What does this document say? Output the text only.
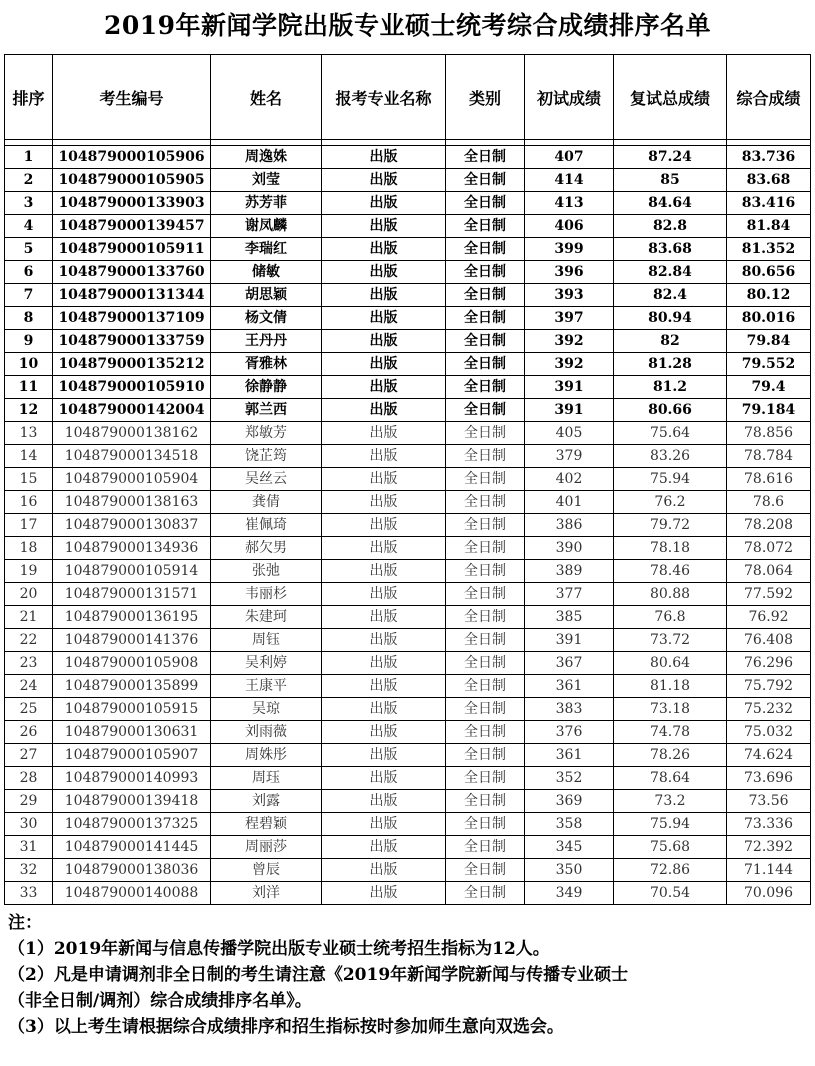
2019年新闻学院出版专业硕士统考综合成绩排序名单
排序	考生编号	姓名	报考专业名称	类别	初试成绩	复试总成绩	综合成绩

1	104879000105906	周逸姝	出版	全日制	407	87.24	83.736
2	104879000105905	刘莹	出版	全日制	414	85	83.68
3	104879000133903	苏芳菲	出版	全日制	413	84.64	83.416
4	104879000139457	谢凤麟	出版	全日制	406	82.8	81.84
5	104879000105911	李瑞红	出版	全日制	399	83.68	81.352
6	104879000133760	储敏	出版	全日制	396	82.84	80.656
7	104879000131344	胡思颖	出版	全日制	393	82.4	80.12
8	104879000137109	杨文倩	出版	全日制	397	80.94	80.016
9	104879000133759	王丹丹	出版	全日制	392	82	79.84
10	104879000135212	胥雅林	出版	全日制	392	81.28	79.552
11	104879000105910	徐静静	出版	全日制	391	81.2	79.4
12	104879000142004	郭兰西	出版	全日制	391	80.66	79.184
13	104879000138162	郑敏芳	出版	全日制	405	75.64	78.856
14	104879000134518	饶芷筠	出版	全日制	379	83.26	78.784
15	104879000105904	吴丝云	出版	全日制	402	75.94	78.616
16	104879000138163	龚倩	出版	全日制	401	76.2	78.6
17	104879000130837	崔佩琦	出版	全日制	386	79.72	78.208
18	104879000134936	郝欠男	出版	全日制	390	78.18	78.072
19	104879000105914	张弛	出版	全日制	389	78.46	78.064
20	104879000131571	韦丽杉	出版	全日制	377	80.88	77.592
21	104879000136195	朱建珂	出版	全日制	385	76.8	76.92
22	104879000141376	周钰	出版	全日制	391	73.72	76.408
23	104879000105908	吴利婷	出版	全日制	367	80.64	76.296
24	104879000135899	王康平	出版	全日制	361	81.18	75.792
25	104879000105915	吴琼	出版	全日制	383	73.18	75.232
26	104879000130631	刘雨薇	出版	全日制	376	74.78	75.032
27	104879000105907	周姝彤	出版	全日制	361	78.26	74.624
28	104879000140993	周珏	出版	全日制	352	78.64	73.696
29	104879000139418	刘露	出版	全日制	369	73.2	73.56
30	104879000137325	程碧颖	出版	全日制	358	75.94	73.336
31	104879000141445	周丽莎	出版	全日制	345	75.68	72.392
32	104879000138036	曾辰	出版	全日制	350	72.86	71.144
33	104879000140088	刘洋	出版	全日制	349	70.54	70.096

注：

（1）2019年新闻与信息传播学院出版专业硕士统考招生指标为12人。

（2）凡是申请调剂非全日制的考生请注意《2019年新闻学院新闻与传播专业硕士

（非全日制/调剂）综合成绩排序名单》。

（3）以上考生请根据综合成绩排序和招生指标按时参加师生意向双选会。
